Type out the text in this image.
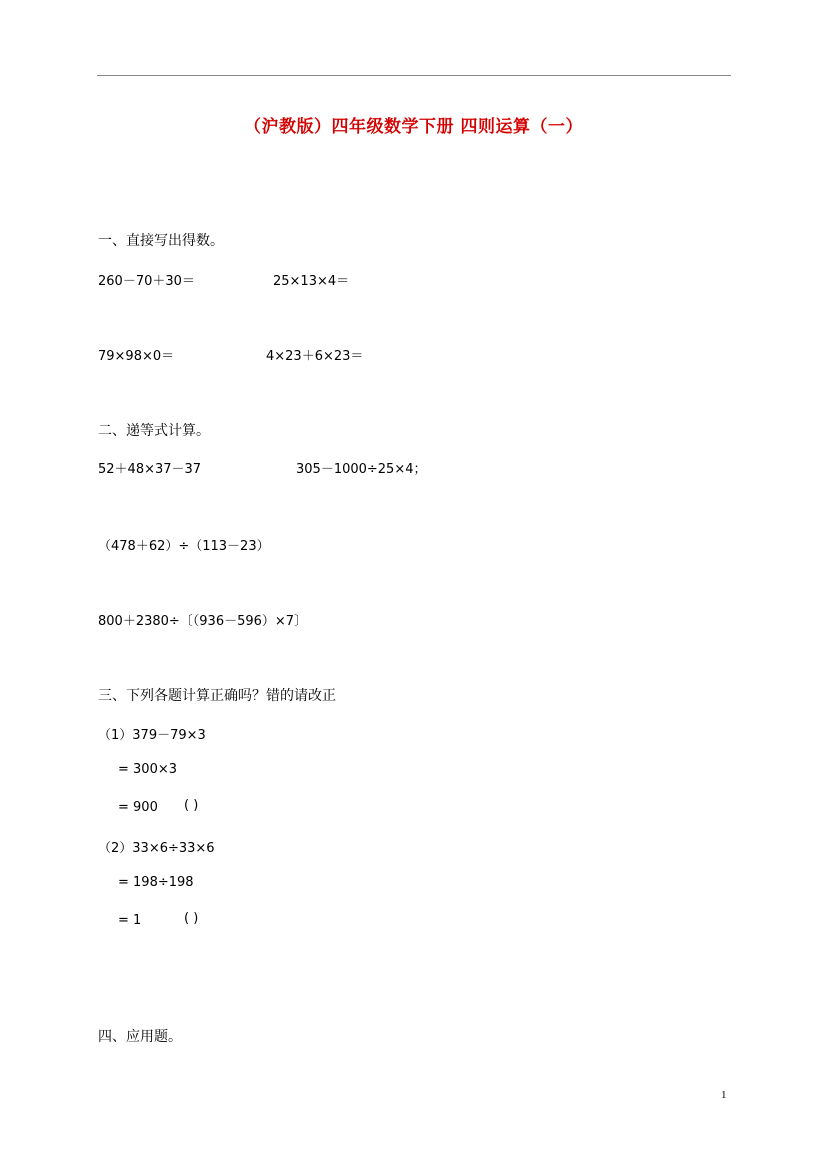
（沪教版）四年级数学下册 四则运算（一）
一、直接写出得数。
260－70＋30＝	25×13×4＝
79×98×0＝	4×23＋6×23＝
二、递等式计算。
52＋48×37－37	305－1000÷25×4；
（478＋62）÷（113－23）
800＋2380÷〔（936－596）×7〕
三、下列各题计算正确吗？错的请改正
（1）379－79×3
= 300×3
= 900 ( )
（2）33×6÷33×6
= 198÷198
= 1	( )
四、应用题。
1
